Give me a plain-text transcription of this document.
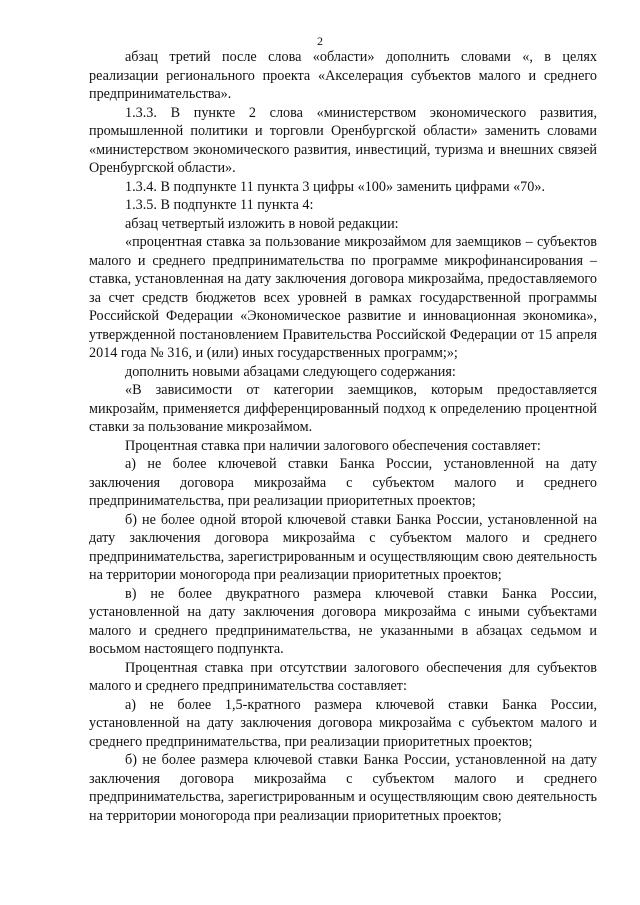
2

абзац третий после слова «области» дополнить словами «, в целях реализации регионального проекта «Акселерация субъектов малого и среднего предпринимательства».

1.3.3. В пункте 2 слова «министерством экономического развития, промышленной политики и торговли Оренбургской области» заменить словами «министерством экономического развития, инвестиций, туризма и внешних связей Оренбургской области».

1.3.4. В подпункте 11 пункта 3 цифры «100» заменить цифрами «70».

1.3.5. В подпункте 11 пункта 4:

абзац четвертый изложить в новой редакции:

«процентная ставка за пользование микрозаймом для заемщиков – субъектов малого и среднего предпринимательства по программе микрофинансирования – ставка, установленная на дату заключения договора микрозайма, предоставляемого за счет средств бюджетов всех уровней в рамках государственной программы Российской Федерации «Экономическое развитие и инновационная экономика», утвержденной постановлением Правительства Российской Федерации от 15 апреля 2014 года № 316, и (или) иных государственных программ;»;

дополнить новыми абзацами следующего содержания:

«В зависимости от категории заемщиков, которым предоставляется микрозайм, применяется дифференцированный подход к определению процентной ставки за пользование микрозаймом.

Процентная ставка при наличии залогового обеспечения составляет:

а) не более ключевой ставки Банка России, установленной на дату заключения договора микрозайма с субъектом малого и среднего предпринимательства, при реализации приоритетных проектов;

б) не более одной второй ключевой ставки Банка России, установленной на дату заключения договора микрозайма с субъектом малого и среднего предпринимательства, зарегистрированным и осуществляющим свою деятельность на территории моногорода при реализации приоритетных проектов;

в) не более двукратного размера ключевой ставки Банка России, установленной на дату заключения договора микрозайма с иными субъектами малого и среднего предпринимательства, не указанными в абзацах седьмом и восьмом настоящего подпункта.

Процентная ставка при отсутствии залогового обеспечения для субъектов малого и среднего предпринимательства составляет:

а) не более 1,5-кратного размера ключевой ставки Банка России, установленной на дату заключения договора микрозайма с субъектом малого и среднего предпринимательства, при реализации приоритетных проектов;

б) не более размера ключевой ставки Банка России, установленной на дату заключения договора микрозайма с субъектом малого и среднего предпринимательства, зарегистрированным и осуществляющим свою деятельность на территории моногорода при реализации приоритетных проектов;
